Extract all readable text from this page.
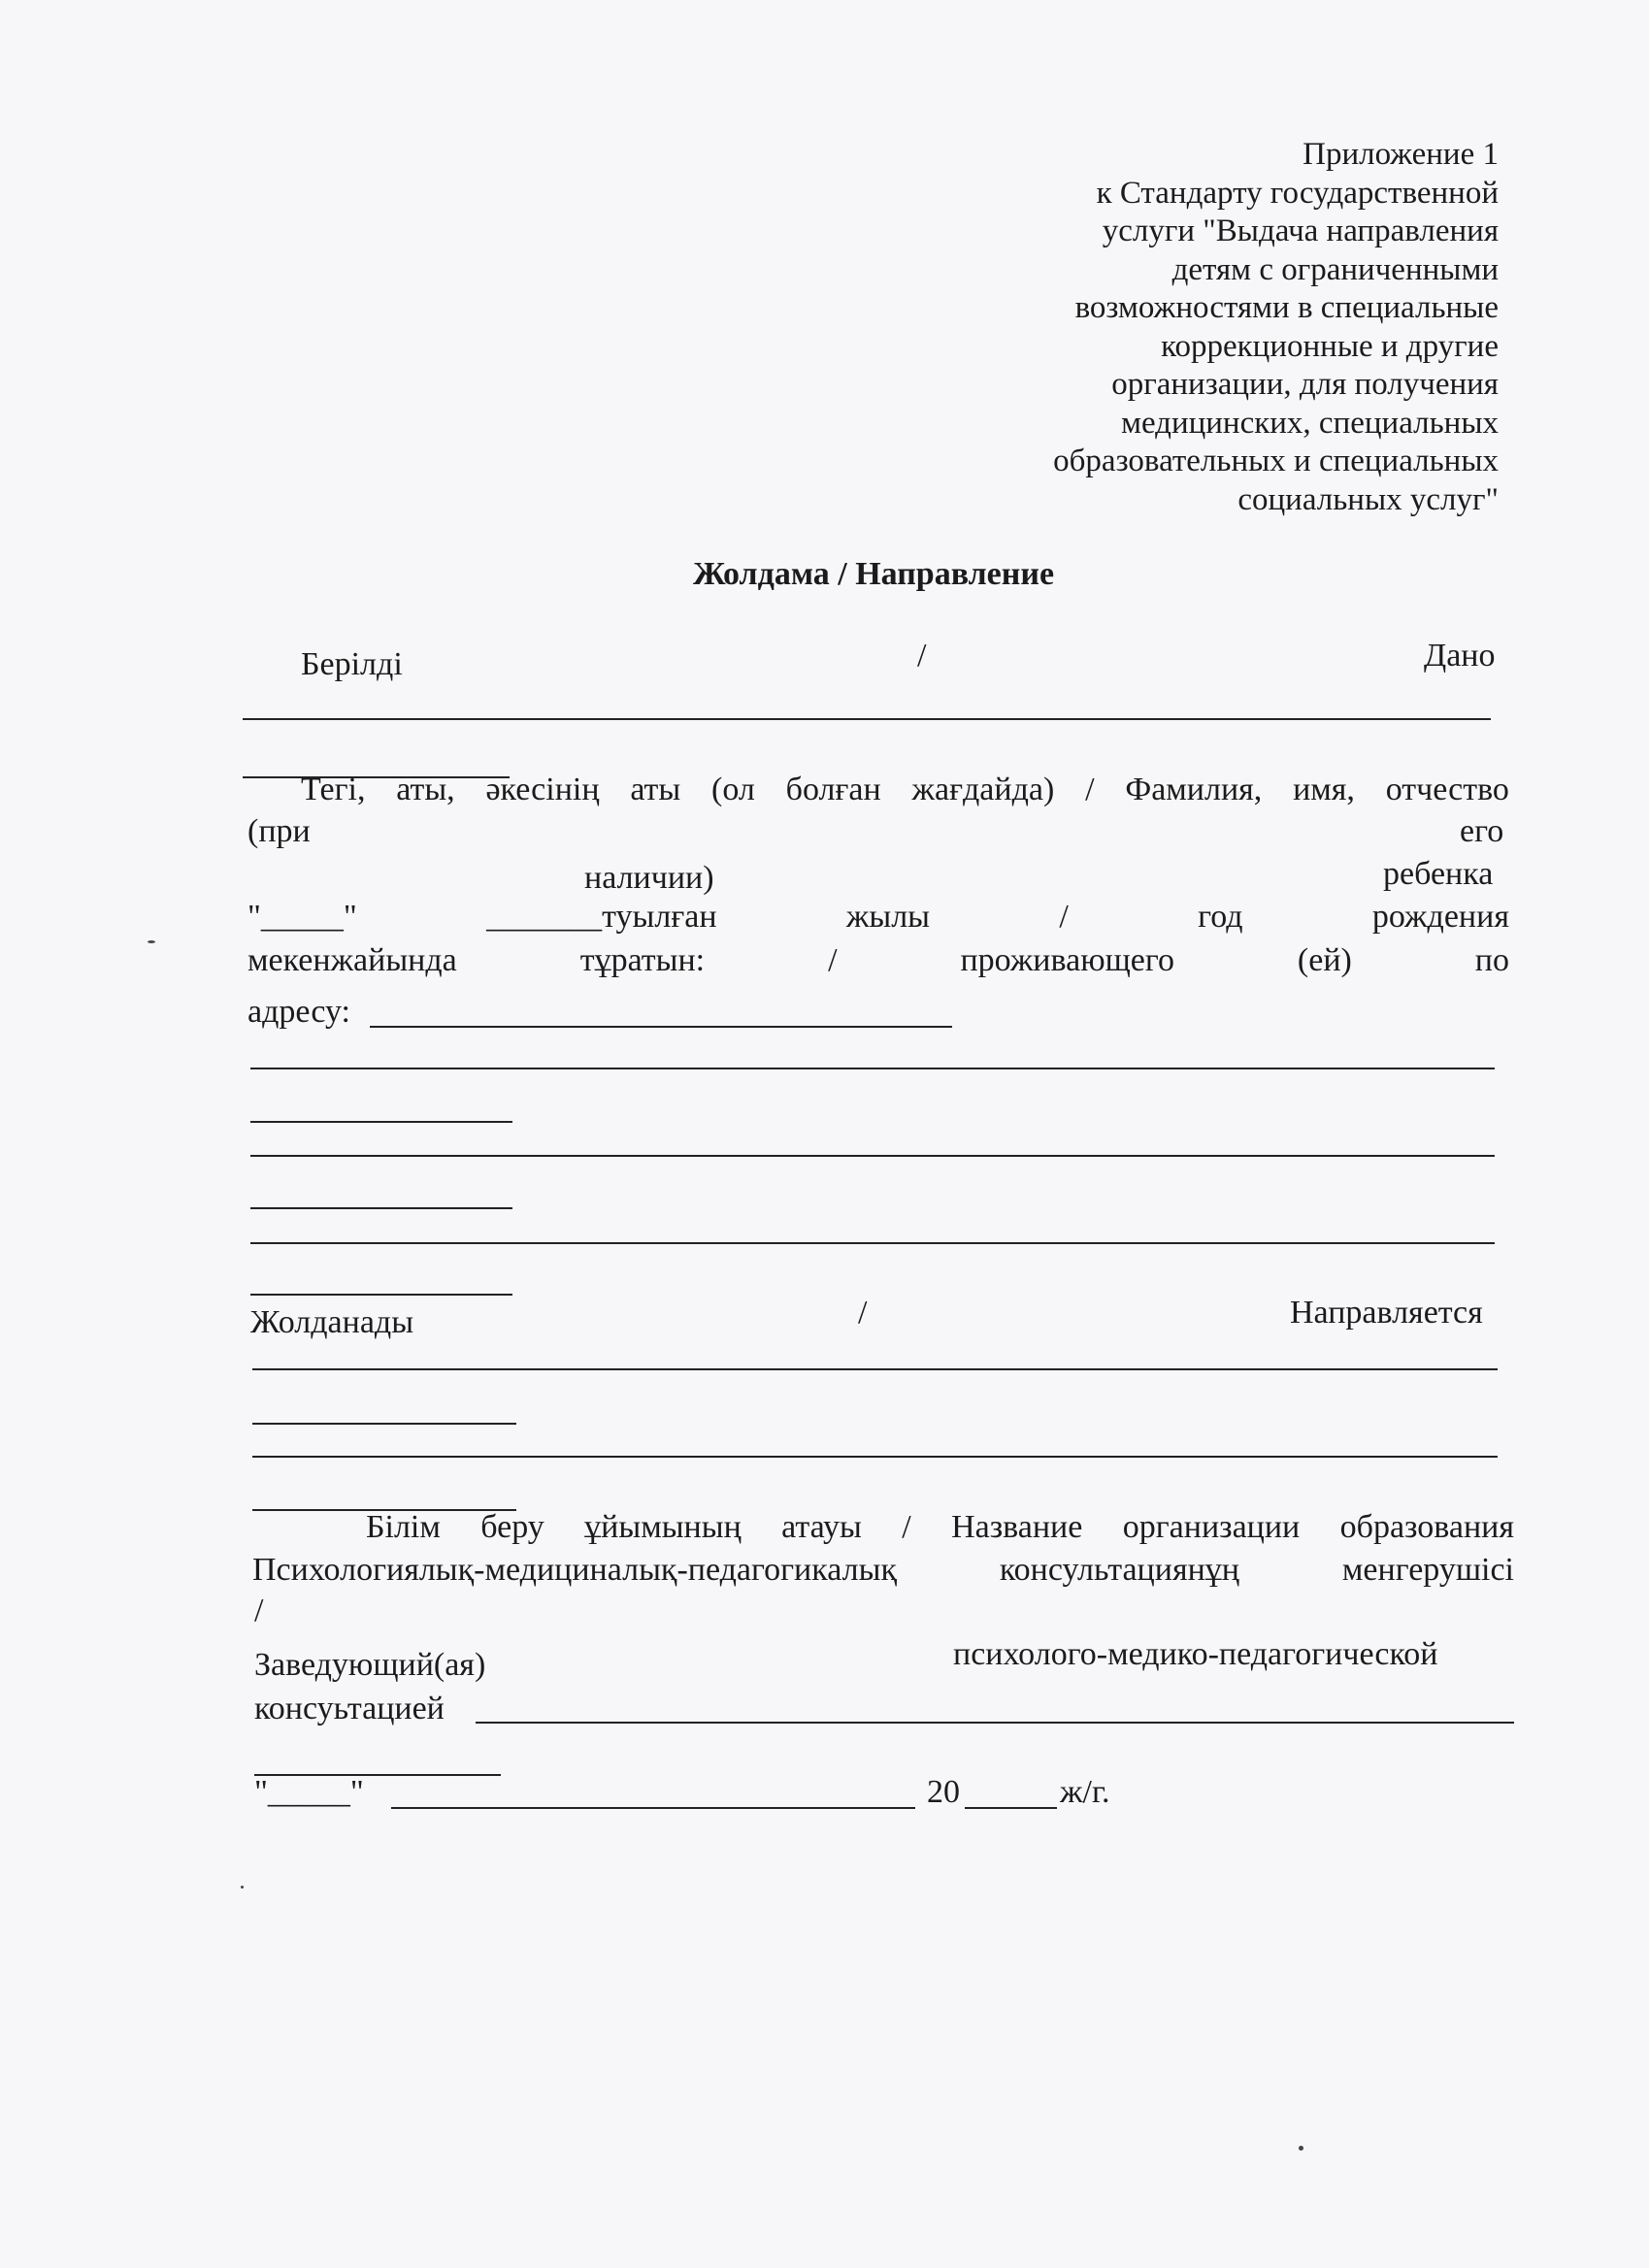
Приложение 1
к Стандарту государственной
услуги "Выдача направления
детям с ограниченными
возможностями в специальные
коррекционные и другие
организации, для получения
медицинских, специальных
образовательных и специальных
социальных услуг"
Жолдама / Направление
Берілді	/	Дано
Тегі, аты, әкесінің аты (ол болған жағдайда) / Фамилия, имя, отчество
(при	его
наличии)	ребенка
"_____"	_______туылған	жылы	/	год	рождения
мекенжайында	тұратын:	/	проживающего	(ей)	по
адресу:
Жолданады	/	Направляется
Білім беру ұйымының атауы / Название организации образования
Психологиялық-медициналық-педагогикалық	консультациянұң	менгерушісі
/
Заведующий(ая)	психолого-медико-педагогической
консуьтацией
"_____"	20	ж/г.
